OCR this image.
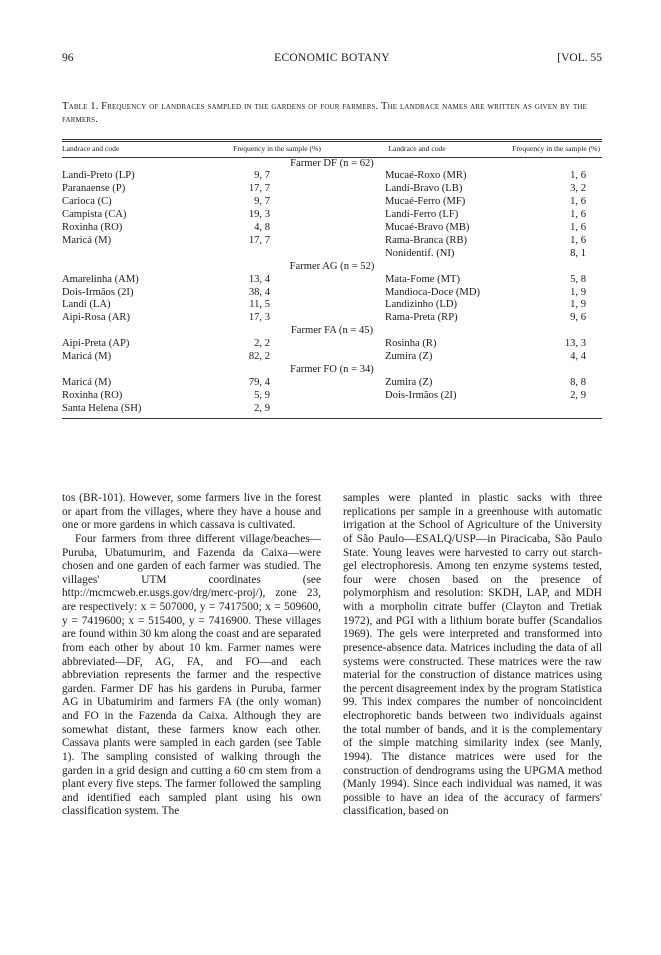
96	ECONOMIC BOTANY	[VOL. 55
Table 1. Frequency of landraces sampled in the gardens of four farmers. The landrace names are written as given by the farmers.
Landrace and code	Frequency in the sample (%)	Landrace and code	Frequency in the sample (%)
Farmer DF (n = 62)			
Landi-Preto (LP)	9, 7	Mucaé-Roxo (MR)	1, 6
Paranaense (P)	17, 7	Landí-Bravo (LB)	3, 2
Carioca (C)	9, 7	Mucaé-Ferro (MF)	1, 6
Campista (CA)	19, 3	Landí-Ferro (LF)	1, 6
Roxinha (RO)	4, 8	Mucaé-Bravo (MB)	1, 6
Maricá (M)	17, 7	Rama-Branca (RB)	1, 6
		Nonidentif. (NI)	8, 1
Farmer AG (n = 52)			
Amarelinha (AM)	13, 4	Mata-Fome (MT)	5, 8
Dois-Irmãos (2I)	38, 4	Mandioca-Doce (MD)	1, 9
Landí (LA)	11, 5	Landizinho (LD)	1, 9
Aipi-Rosa (AR)	17, 3	Rama-Preta (RP)	9, 6
Farmer FA (n = 45)			
Aipi-Preta (AP)	2, 2	Rosinha (R)	13, 3
Maricá (M)	82, 2	Zumira (Z)	4, 4
Farmer FO (n = 34)			
Maricá (M)	79, 4	Zumira (Z)	8, 8
Roxinha (RO)	5, 9	Dois-Irmãos (2I)	2, 9
Santa Helena (SH)	2, 9		

tos (BR-101). However, some farmers live in the forest or apart from the villages, where they have a house and one or more gardens in which cassava is cultivated.

Four farmers from three different village/beaches—Puruba, Ubatumurim, and Fazenda da Caixa—were chosen and one garden of each farmer was studied. The villages' UTM coordinates (see http://mcmcweb.er.usgs.gov/drg/merc-proj/), zone 23, are respectively: x = 507000, y = 7417500; x = 509600, y = 7419600; x = 515400, y = 7416900. These villages are found within 30 km along the coast and are separated from each other by about 10 km. Farmer names were abbreviated—DF, AG, FA, and FO—and each abbreviation represents the farmer and the respective garden. Farmer DF has his gardens in Puruba, farmer AG in Ubatumirim and farmers FA (the only woman) and FO in the Fazenda da Caixa. Although they are somewhat distant, these farmers know each other. Cassava plants were sampled in each garden (see Table 1). The sampling consisted of walking through the garden in a grid design and cutting a 60 cm stem from a plant every five steps. The farmer followed the sampling and identified each sampled plant using his own classification system. The

samples were planted in plastic sacks with three replications per sample in a greenhouse with automatic irrigation at the School of Agriculture of the University of São Paulo—ESALQ/USP—in Piracicaba, São Paulo State. Young leaves were harvested to carry out starch-gel electrophoresis. Among ten enzyme systems tested, four were chosen based on the presence of polymorphism and resolution: SKDH, LAP, and MDH with a morpholin citrate buffer (Clayton and Tretiak 1972), and PGI with a lithium borate buffer (Scandalios 1969). The gels were interpreted and transformed into presence-absence data. Matrices including the data of all systems were constructed. These matrices were the raw material for the construction of distance matrices using the percent disagreement index by the program Statistica 99. This index compares the number of noncoincident electrophoretic bands between two individuals against the total number of bands, and it is the complementary of the simple matching similarity index (see Manly, 1994). The distance matrices were used for the construction of dendrograms using the UPGMA method (Manly 1994). Since each individual was named, it was possible to have an idea of the accuracy of farmers' classification, based on
